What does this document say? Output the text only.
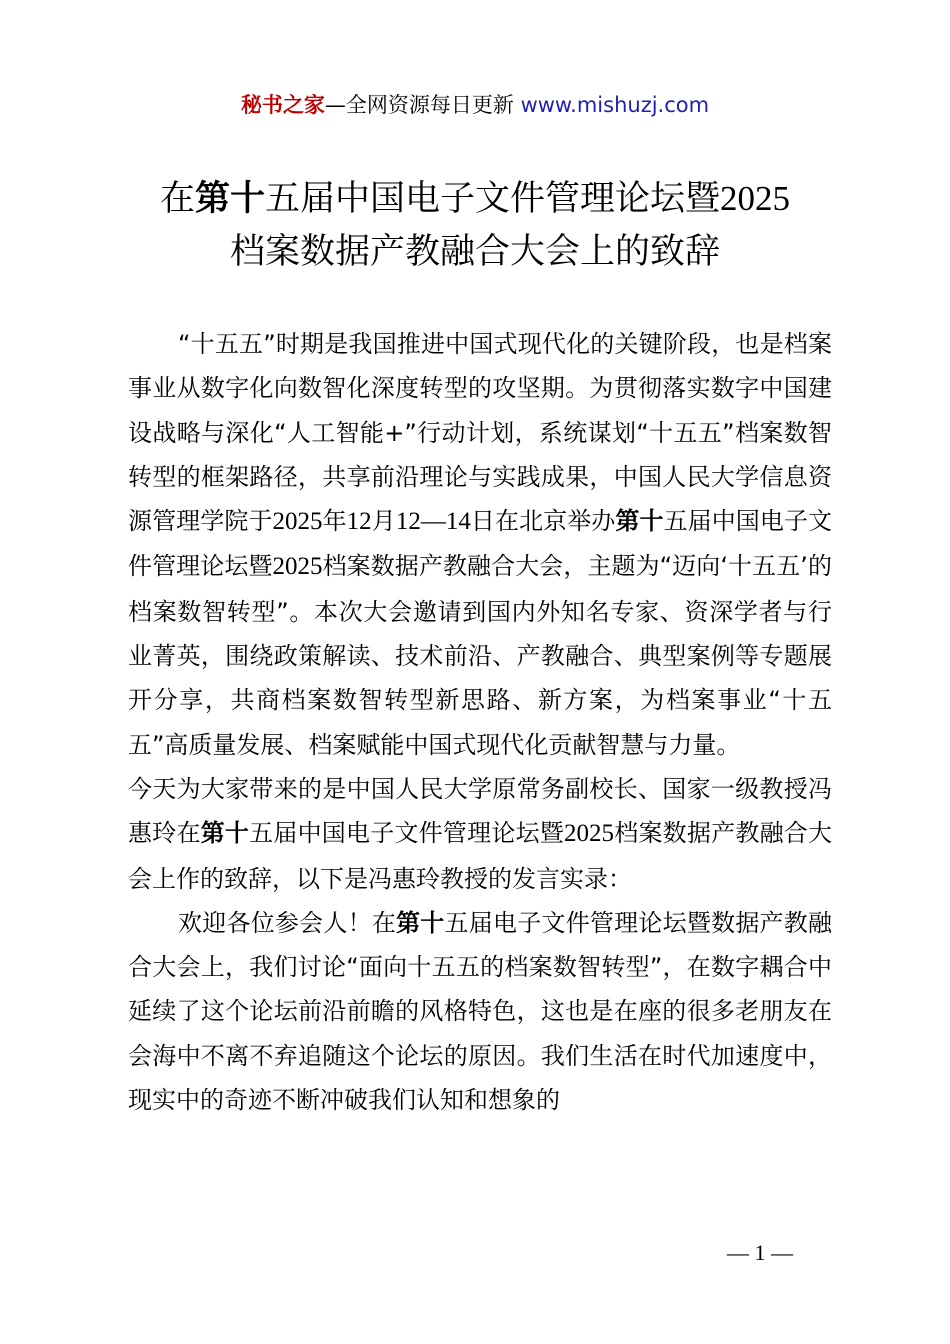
秘书之家—全网资源每日更新 www.mishuzj.com
在第十五届中国电子文件管理论坛暨2025
档案数据产教融合大会上的致辞

“十五五”时期是我国推进中国式现代化的关键阶段，也是档案事业从数字化向数智化深度转型的攻坚期。为贯彻落实数字中国建设战略与深化“人工智能+”行动计划，系统谋划“十五五”档案数智转型的框架路径，共享前沿理论与实践成果，中国人民大学信息资源管理学院于2025年12月12—14日在北京举办第十五届中国电子文件管理论坛暨2025档案数据产教融合大会，主题为“迈向‘十五五’的档案数智转型”。本次大会邀请到国内外知名专家、资深学者与行业菁英，围绕政策解读、技术前沿、产教融合、典型案例等专题展开分享，共商档案数智转型新思路、新方案，为档案事业“十五五”高质量发展、档案赋能中国式现代化贡献智慧与力量。

今天为大家带来的是中国人民大学原常务副校长、国家一级教授冯惠玲在第十五届中国电子文件管理论坛暨2025档案数据产教融合大会上作的致辞，以下是冯惠玲教授的发言实录：

欢迎各位参会人！在第十五届电子文件管理论坛暨数据产教融合大会上，我们讨论“面向十五五的档案数智转型”，在数字耦合中延续了这个论坛前沿前瞻的风格特色，这也是在座的很多老朋友在会海中不离不弃追随这个论坛的原因。我们生活在时代加速度中，现实中的奇迹不断冲破我们认知和想象的

— 1 —
